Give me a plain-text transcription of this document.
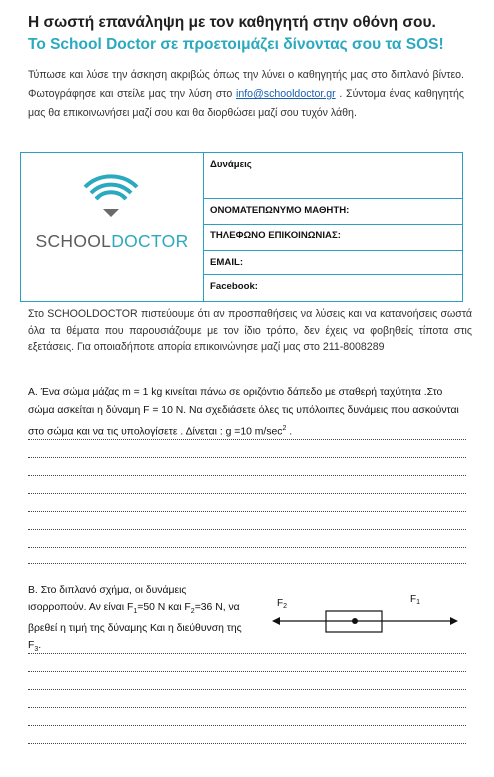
Η σωστή επανάληψη με τον καθηγητή στην οθόνη σου.
Το School Doctor σε προετοιμάζει δίνοντας σου τα SOS!
Τύπωσε και λύσε την άσκηση ακριβώς όπως την λύνει ο καθηγητής μας στο διπλανό βίντεο. Φωτογράφησε και στείλε μας την λύση στο info@schooldoctor.gr . Σύντομα ένας καθηγητής μας θα επικοινωνήσει μαζί σου και θα διορθώσει μαζί σου τυχόν λάθη.
SCHOOLDOCTOR
Δυνάμεις
ΟΝΟΜΑΤΕΠΩΝΥΜΟ ΜΑΘΗΤΗ:
ΤΗΛΕΦΩΝΟ ΕΠΙΚΟΙΝΩΝΙΑΣ:
EMAIL:
Facebook:
Στο SCHOOLDOCTOR πιστεύουμε ότι αν προσπαθήσεις να λύσεις και να κατανοήσεις σωστά όλα τα θέματα που παρουσιάζουμε με τον ίδιο τρόπο, δεν έχεις να φοβηθείς τίποτα στις εξετάσεις. Για οποιαδήποτε απορία επικοινώνησε μαζί μας στο 211-8008289
Α. Ένα σώμα μάζας m = 1 kg κινείται πάνω σε οριζόντιο δάπεδο με σταθερή ταχύτητα .Στο σώμα ασκείται η δύναμη F = 10 N. Να σχεδιάσετε όλες τις υπόλοιπες δυνάμεις που ασκούνται στο σώμα και να τις υπολογίσετε . Δίνεται : g =10 $m/\sec^2$ .
Β. Στο διπλανό σχήμα, οι δυνάμεις ισορροπούν. Αν είναι $F_1=50$ N και $F_2=36$ N, να βρεθεί η τιμή της δύναμης Και η διεύθυνση της $F_3$.
$F_2$
$F_1$
